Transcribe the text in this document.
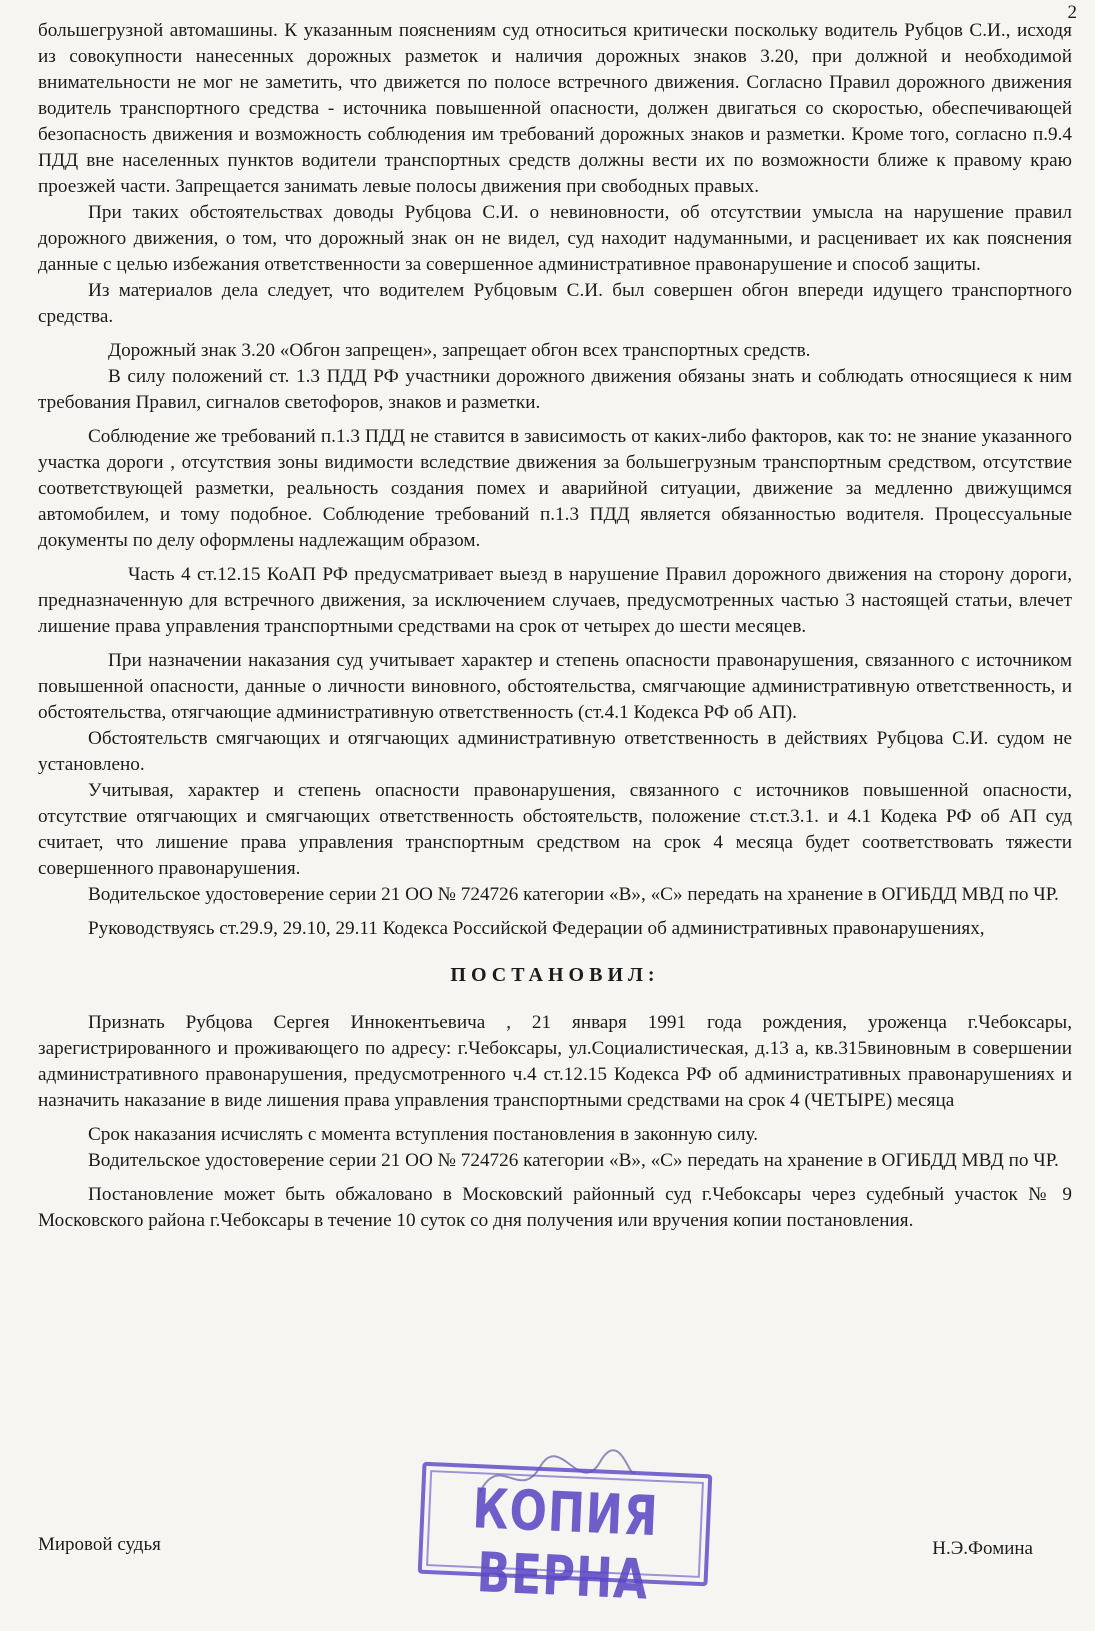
2

большегрузной автомашины. К указанным пояснениям суд относиться критически поскольку водитель Рубцов С.И., исходя из совокупности нанесенных дорожных разметок и наличия дорожных знаков 3.20, при должной и необходимой внимательности не мог не заметить, что движется по полосе встречного движения. Согласно Правил дорожного движения водитель транспортного средства - источника повышенной опасности, должен двигаться со скоростью, обеспечивающей безопасность движения и возможность соблюдения им требований дорожных знаков и разметки. Кроме того, согласно п.9.4 ПДД вне населенных пунктов водители транспортных средств должны вести их по возможности ближе к правому краю проезжей части. Запрещается занимать левые полосы движения при свободных правых.

При таких обстоятельствах доводы Рубцова С.И. о невиновности, об отсутствии умысла на нарушение правил дорожного движения, о том, что дорожный знак он не видел, суд находит надуманными, и расценивает их как пояснения данные с целью избежания ответственности за совершенное административное правонарушение и способ защиты.

Из материалов дела следует, что водителем Рубцовым С.И. был совершен обгон впереди идущего транспортного средства.

Дорожный знак 3.20 «Обгон запрещен», запрещает обгон всех транспортных средств.

В силу положений ст. 1.3 ПДД РФ участники дорожного движения обязаны знать и соблюдать относящиеся к ним требования Правил, сигналов светофоров, знаков и разметки.

Соблюдение же требований п.1.3 ПДД не ставится в зависимость от каких-либо факторов, как то: не знание указанного участка дороги , отсутствия зоны видимости вследствие движения за большегрузным транспортным средством, отсутствие соответствующей разметки, реальность создания помех и аварийной ситуации, движение за медленно движущимся автомобилем, и тому подобное. Соблюдение требований п.1.3 ПДД является обязанностью водителя. Процессуальные документы по делу оформлены надлежащим образом.

Часть 4 ст.12.15 КоАП РФ предусматривает выезд в нарушение Правил дорожного движения на сторону дороги, предназначенную для встречного движения, за исключением случаев, предусмотренных частью 3 настоящей статьи, влечет лишение права управления транспортными средствами на срок от четырех до шести месяцев.

При назначении наказания суд учитывает характер и степень опасности правонарушения, связанного с источником повышенной опасности, данные о личности виновного, обстоятельства, смягчающие административную ответственность, и обстоятельства, отягчающие административную ответственность (ст.4.1 Кодекса РФ об АП).

Обстоятельств смягчающих и отягчающих административную ответственность в действиях Рубцова С.И. судом не установлено.

Учитывая, характер и степень опасности правонарушения, связанного с источников повышенной опасности, отсутствие отягчающих и смягчающих ответственность обстоятельств, положение ст.ст.3.1. и 4.1 Кодека РФ об АП суд считает, что лишение права управления транспортным средством на срок 4 месяца будет соответствовать тяжести совершенного правонарушения.

Водительское удостоверение серии 21 ОО № 724726 категории «В», «С» передать на хранение в ОГИБДД МВД по ЧР.

Руководствуясь ст.29.9, 29.10, 29.11 Кодекса Российской Федерации об административных правонарушениях,

ПОСТАНОВИЛ:

Признать Рубцова Сергея Иннокентьевича , 21 января 1991 года рождения, уроженца г.Чебоксары, зарегистрированного и проживающего по адресу: г.Чебоксары, ул.Социалистическая, д.13 а, кв.315виновным в совершении административного правонарушения, предусмотренного ч.4 ст.12.15 Кодекса РФ об административных правонарушениях и назначить наказание в виде лишения права управления транспортными средствами на срок 4 (ЧЕТЫРЕ) месяца

Срок наказания исчислять с момента вступления постановления в законную силу.

Водительское удостоверение серии 21 ОО № 724726 категории «В», «С» передать на хранение в ОГИБДД МВД по ЧР.

Постановление может быть обжаловано в Московский районный суд г.Чебоксары через судебный участок № 9 Московского района г.Чебоксары в течение 10 суток со дня получения или вручения копии постановления.

КОПИЯ ВЕРНА
Мировой судья	Н.Э.Фомина
